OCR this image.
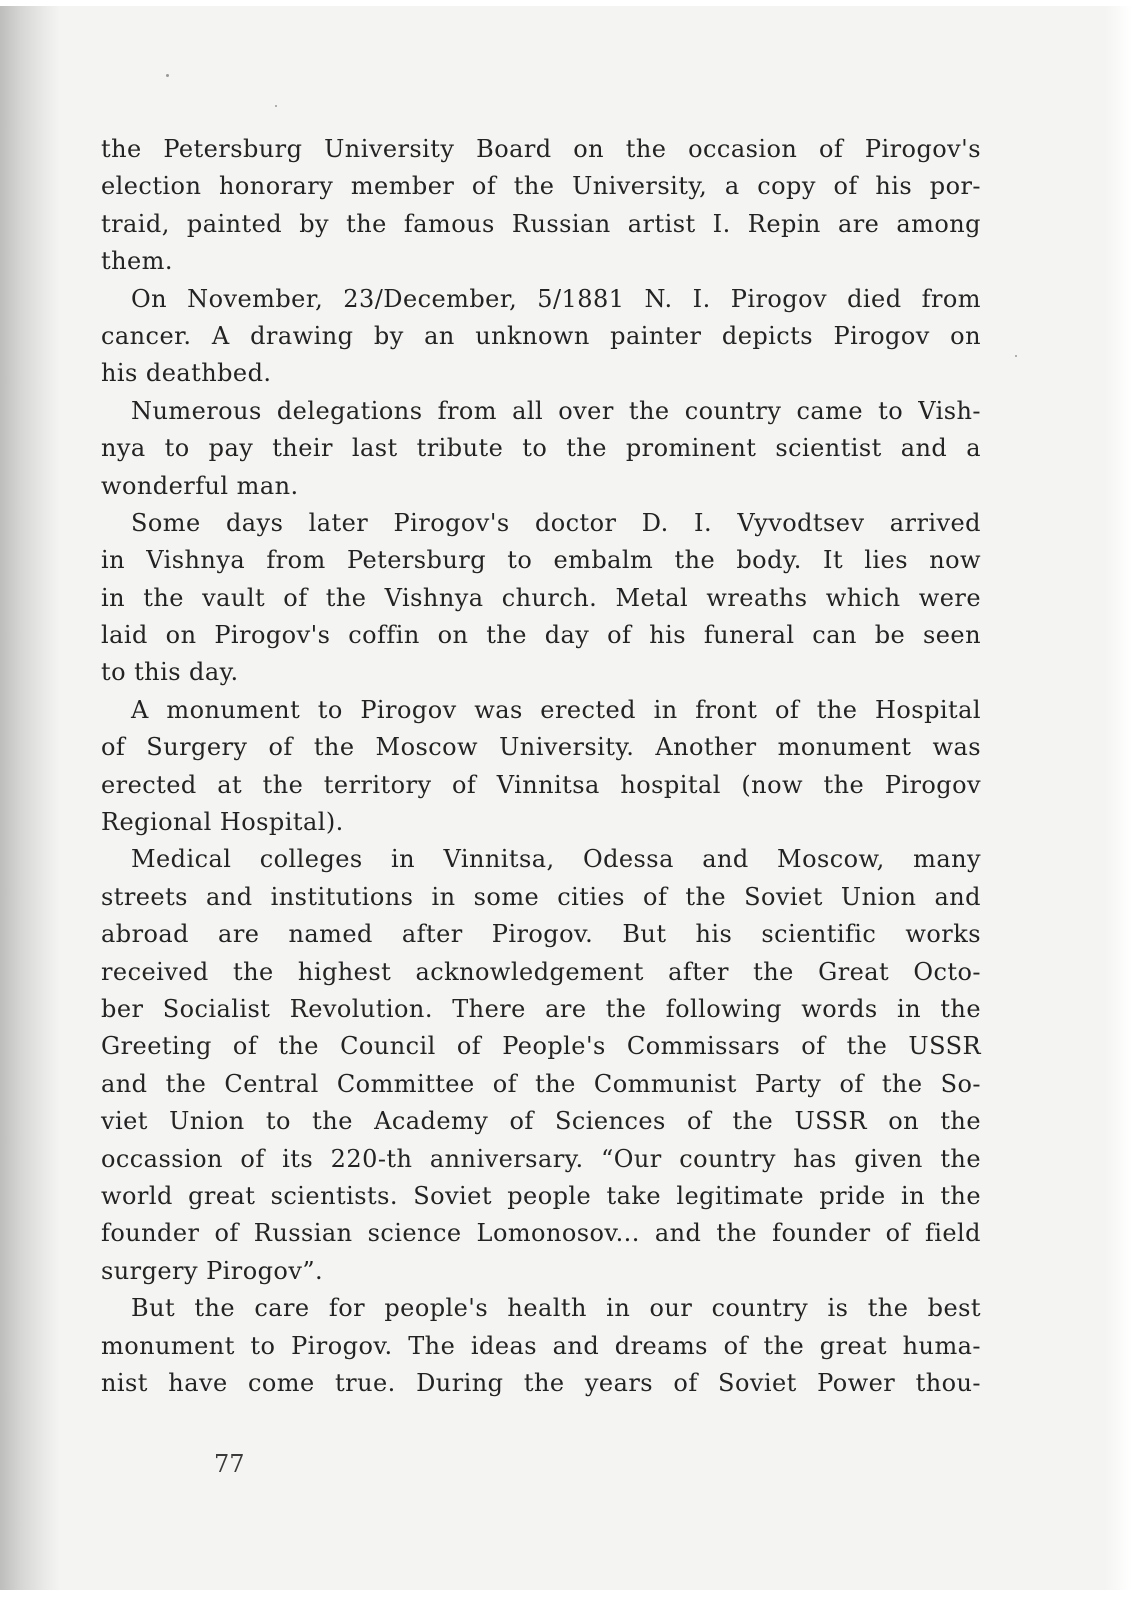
the Petersburg University Board on the occasion of Pirogov's
election honorary member of the University, a copy of his por-
traid, painted by the famous Russian artist I. Repin are among
them.
On November, 23/December, 5/1881 N. I. Pirogov died from
cancer. A drawing by an unknown painter depicts Pirogov on
his deathbed.
Numerous delegations from all over the country came to Vish-
nya to pay their last tribute to the prominent scientist and a
wonderful man.
Some days later Pirogov's doctor D. I. Vyvodtsev arrived
in Vishnya from Petersburg to embalm the body. It lies now
in the vault of the Vishnya church. Metal wreaths which were
laid on Pirogov's coffin on the day of his funeral can be seen
to this day.
A monument to Pirogov was erected in front of the Hospital
of Surgery of the Moscow University. Another monument was
erected at the territory of Vinnitsa hospital (now the Pirogov
Regional Hospital).
Medical colleges in Vinnitsa, Odessa and Moscow, many
streets and institutions in some cities of the Soviet Union and
abroad are named after Pirogov. But his scientific works
received the highest acknowledgement after the Great Octo-
ber Socialist Revolution. There are the following words in the
Greeting of the Council of People's Commissars of the USSR
and the Central Committee of the Communist Party of the So-
viet Union to the Academy of Sciences of the USSR on the
occassion of its 220-th anniversary. “Our country has given the
world great scientists. Soviet people take legitimate pride in the
founder of Russian science Lomonosov... and the founder of field
surgery Pirogov”.
But the care for people's health in our country is the best
monument to Pirogov. The ideas and dreams of the great huma-
nist have come true. During the years of Soviet Power thou-
77
